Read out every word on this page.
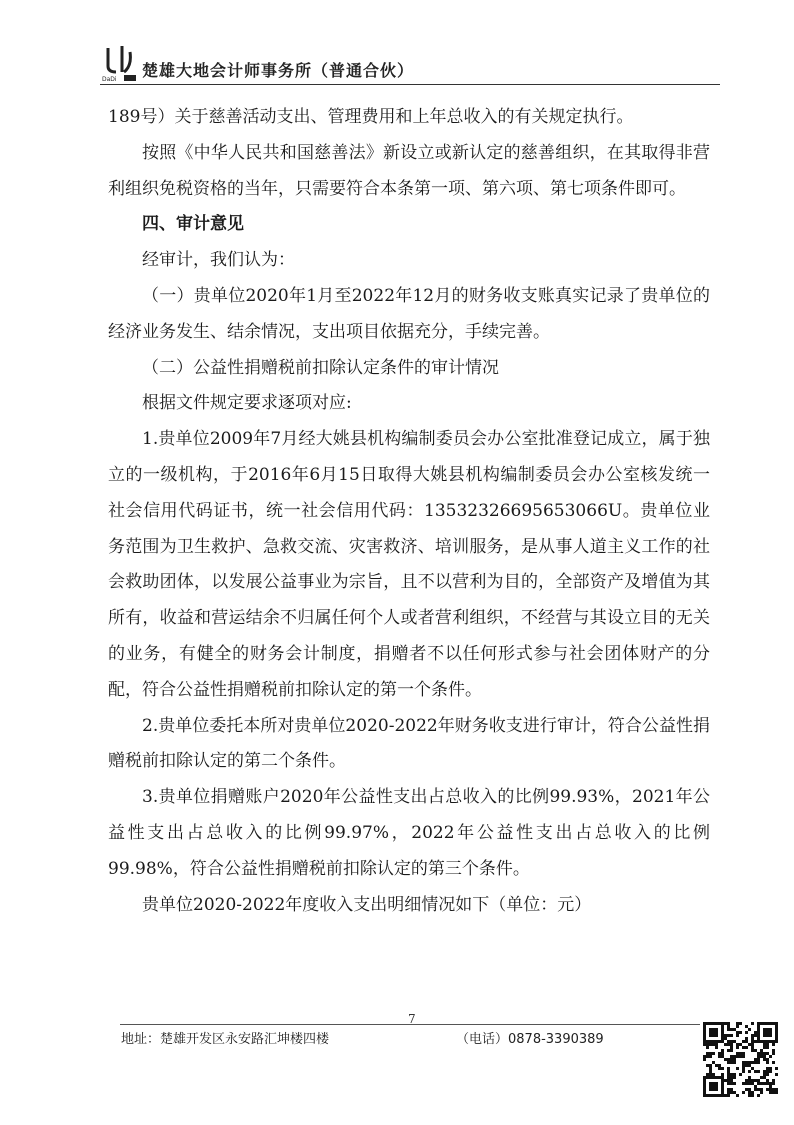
DaDi 楚雄大地会计师事务所（普通合伙）

189号）关于慈善活动支出、管理费用和上年总收入的有关规定执行。

按照《中华人民共和国慈善法》新设立或新认定的慈善组织，在其取得非营利组织免税资格的当年，只需要符合本条第一项、第六项、第七项条件即可。

四、审计意见

经审计，我们认为：

（一）贵单位2020年1月至2022年12月的财务收支账真实记录了贵单位的经济业务发生、结余情况，支出项目依据充分，手续完善。

（二）公益性捐赠税前扣除认定条件的审计情况

根据文件规定要求逐项对应:

1.贵单位2009年7月经大姚县机构编制委员会办公室批准登记成立，属于独立的一级机构，于2016年6月15日取得大姚县机构编制委员会办公室核发统一社会信用代码证书，统一社会信用代码：13532326695653066U。贵单位业务范围为卫生救护、急救交流、灾害救济、培训服务，是从事人道主义工作的社会救助团体，以发展公益事业为宗旨，且不以营利为目的，全部资产及增值为其所有，收益和营运结余不归属任何个人或者营利组织，不经营与其设立目的无关的业务，有健全的财务会计制度，捐赠者不以任何形式参与社会团体财产的分配，符合公益性捐赠税前扣除认定的第一个条件。

2.贵单位委托本所对贵单位2020-2022年财务收支进行审计，符合公益性捐赠税前扣除认定的第二个条件。

3.贵单位捐赠账户2020年公益性支出占总收入的比例99.93%，2021年公益性支出占总收入的比例99.97%，2022年公益性支出占总收入的比例99.98%，符合公益性捐赠税前扣除认定的第三个条件。

贵单位2020-2022年度收入支出明细情况如下（单位：元）

7
地址：楚雄开发区永安路汇坤楼四楼	（电话）0878-3390389
